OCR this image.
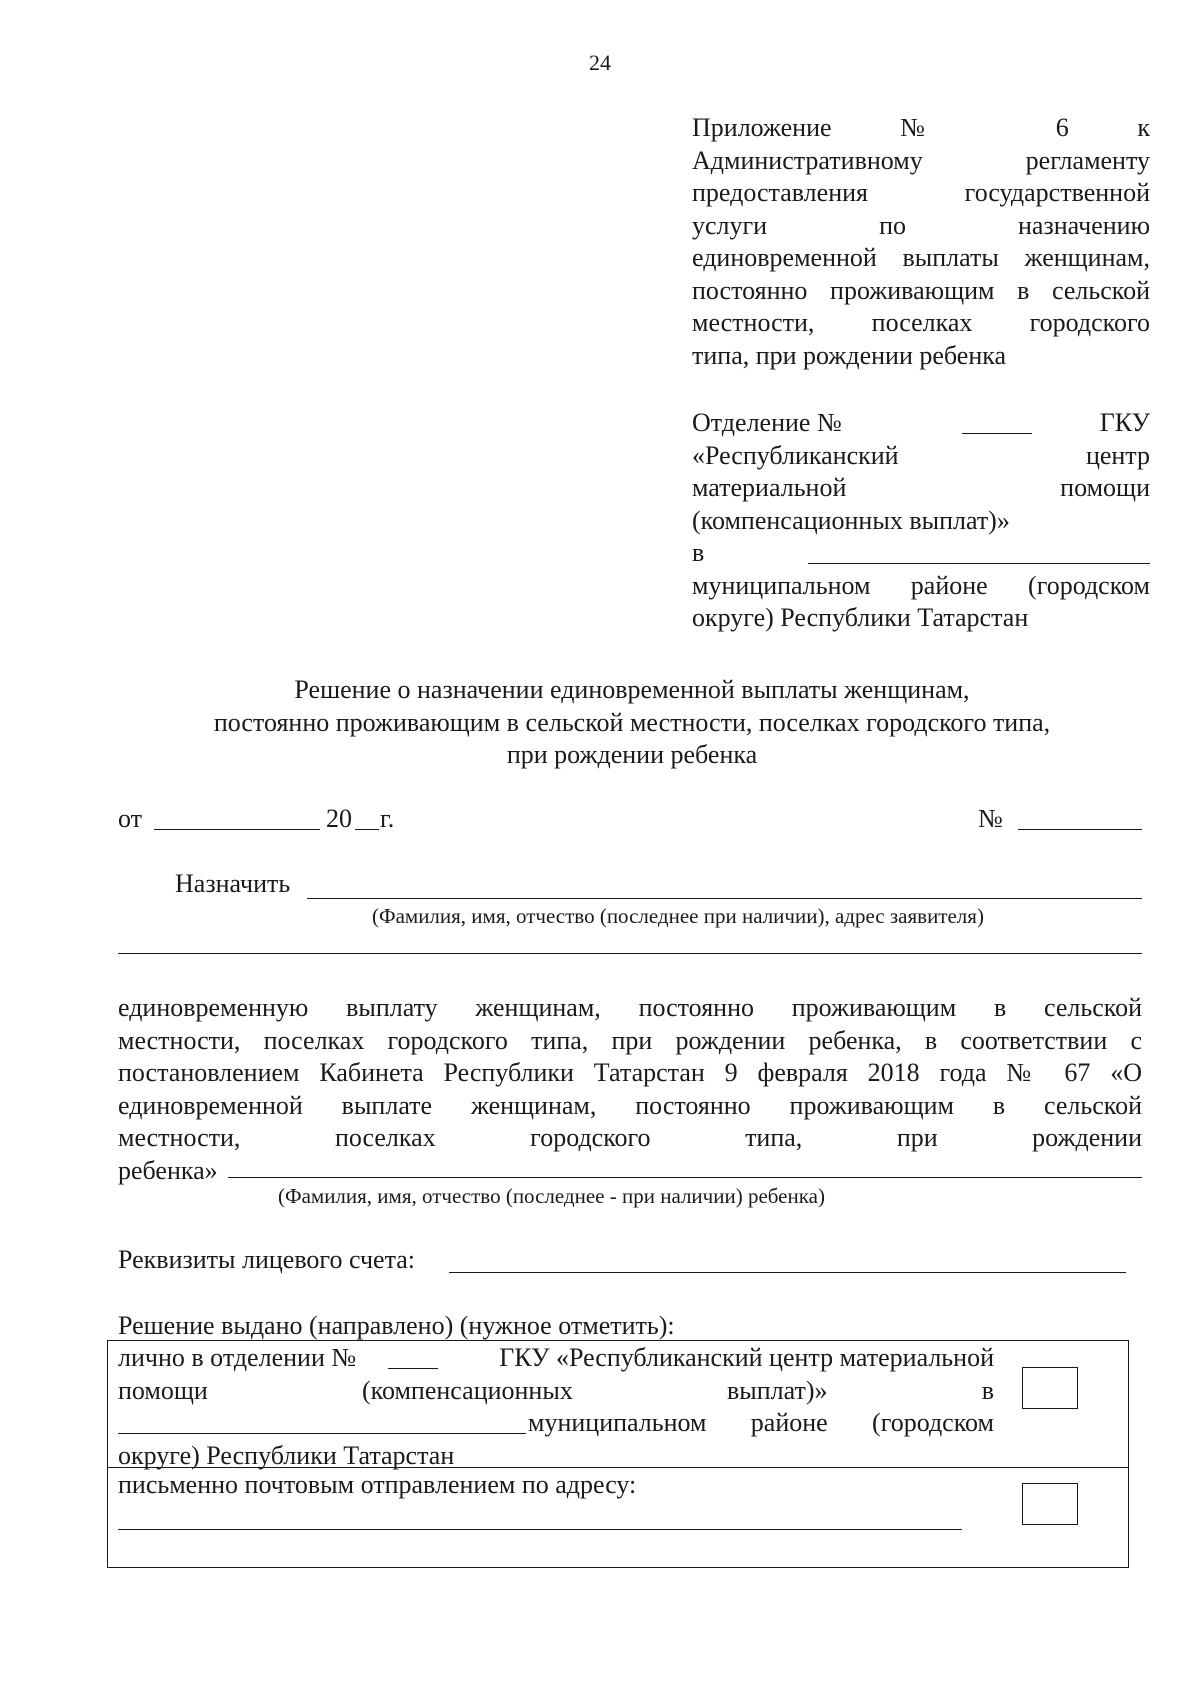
24
Приложение № 6 к
Административному регламенту
предоставления государственной
услуги по назначению
единовременной выплаты женщинам,
постоянно проживающим в сельской
местности, поселках городского
типа, при рождении ребенка
Отделение №	ГКУ
«Республиканский центр
материальной помощи
(компенсационных выплат)»
в
муниципальном районе (городском
округе) Республики Татарстан
Решение о назначении единовременной выплаты женщинам,
постоянно проживающим в сельской местности, поселках городского типа,
при рождении ребенка
от	20 г.	№
Назначить
(Фамилия, имя, отчество (последнее при наличии), адрес заявителя)
единовременную выплату женщинам, постоянно проживающим в сельской
местности, поселках городского типа, при рождении ребенка, в соответствии с
постановлением Кабинета Республики Татарстан 9 февраля 2018 года № 67 «О
единовременной выплате женщинам, постоянно проживающим в сельской
местности, поселках городского типа, при рождении
ребенка»
(Фамилия, имя, отчество (последнее - при наличии) ребенка)
Реквизиты лицевого счета:
Решение выдано (направлено) (нужное отметить):
лично в отделении №	ГКУ «Республиканский центр материальной
помощи (компенсационных выплат)» в
муниципальном районе (городском
округе) Республики Татарстан
письменно почтовым отправлением по адресу:
